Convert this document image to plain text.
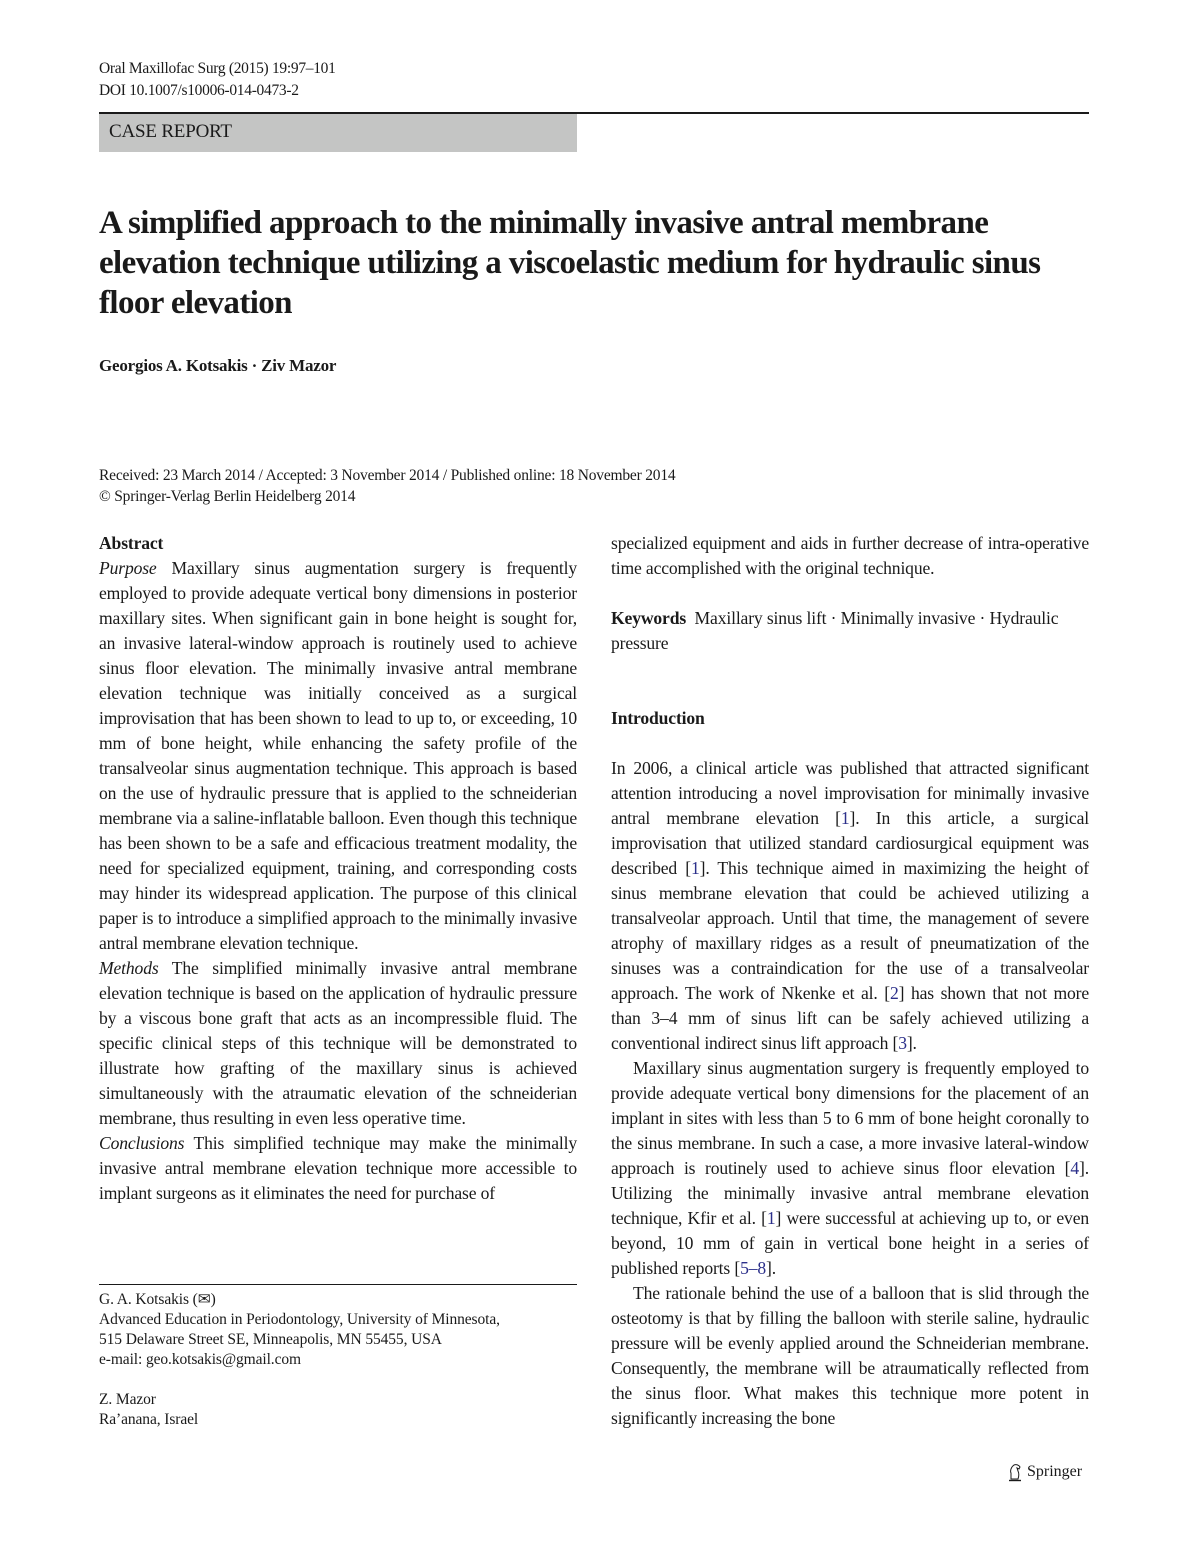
Oral Maxillofac Surg (2015) 19:97–101
DOI 10.1007/s10006-014-0473-2
CASE REPORT
A simplified approach to the minimally invasive antral membrane elevation technique utilizing a viscoelastic medium for hydraulic sinus floor elevation
Georgios A. Kotsakis · Ziv Mazor
Received: 23 March 2014 / Accepted: 3 November 2014 / Published online: 18 November 2014
© Springer-Verlag Berlin Heidelberg 2014

Abstract

Purpose Maxillary sinus augmentation surgery is frequently employed to provide adequate vertical bony dimensions in posterior maxillary sites. When significant gain in bone height is sought for, an invasive lateral-window approach is routinely used to achieve sinus floor elevation. The minimally invasive antral membrane elevation technique was initially conceived as a surgical improvisation that has been shown to lead to up to, or exceeding, 10 mm of bone height, while enhancing the safety profile of the transalveolar sinus augmentation technique. This approach is based on the use of hydraulic pressure that is applied to the schneiderian membrane via a saline-inflatable balloon. Even though this technique has been shown to be a safe and efficacious treatment modality, the need for specialized equipment, training, and corresponding costs may hinder its widespread application. The purpose of this clinical paper is to introduce a simplified approach to the minimally invasive antral membrane elevation technique.

Methods The simplified minimally invasive antral membrane elevation technique is based on the application of hydraulic pressure by a viscous bone graft that acts as an incompressible fluid. The specific clinical steps of this technique will be demonstrated to illustrate how grafting of the maxillary sinus is achieved simultaneously with the atraumatic elevation of the schneiderian membrane, thus resulting in even less operative time.

Conclusions This simplified technique may make the minimally invasive antral membrane elevation technique more accessible to implant surgeons as it eliminates the need for purchase of

G. A. Kotsakis (✉)

Advanced Education in Periodontology, University of Minnesota,

515 Delaware Street SE, Minneapolis, MN 55455, USA

e-mail: geo.kotsakis@gmail.com

Z. Mazor

Ra’anana, Israel

specialized equipment and aids in further decrease of intra-operative time accomplished with the original technique.

Keywords Maxillary sinus lift · Minimally invasive · Hydraulic pressure

Introduction

In 2006, a clinical article was published that attracted significant attention introducing a novel improvisation for minimally invasive antral membrane elevation [1]. In this article, a surgical improvisation that utilized standard cardiosurgical equipment was described [1]. This technique aimed in maximizing the height of sinus membrane elevation that could be achieved utilizing a transalveolar approach. Until that time, the management of severe atrophy of maxillary ridges as a result of pneumatization of the sinuses was a contraindication for the use of a transalveolar approach. The work of Nkenke et al. [2] has shown that not more than 3–4 mm of sinus lift can be safely achieved utilizing a conventional indirect sinus lift approach [3].

Maxillary sinus augmentation surgery is frequently employed to provide adequate vertical bony dimensions for the placement of an implant in sites with less than 5 to 6 mm of bone height coronally to the sinus membrane. In such a case, a more invasive lateral-window approach is routinely used to achieve sinus floor elevation [4]. Utilizing the minimally invasive antral membrane elevation technique, Kfir et al. [1] were successful at achieving up to, or even beyond, 10 mm of gain in vertical bone height in a series of published reports [5–8].

The rationale behind the use of a balloon that is slid through the osteotomy is that by filling the balloon with sterile saline, hydraulic pressure will be evenly applied around the Schneiderian membrane. Consequently, the membrane will be atraumatically reflected from the sinus floor. What makes this technique more potent in significantly increasing the bone

Springer
